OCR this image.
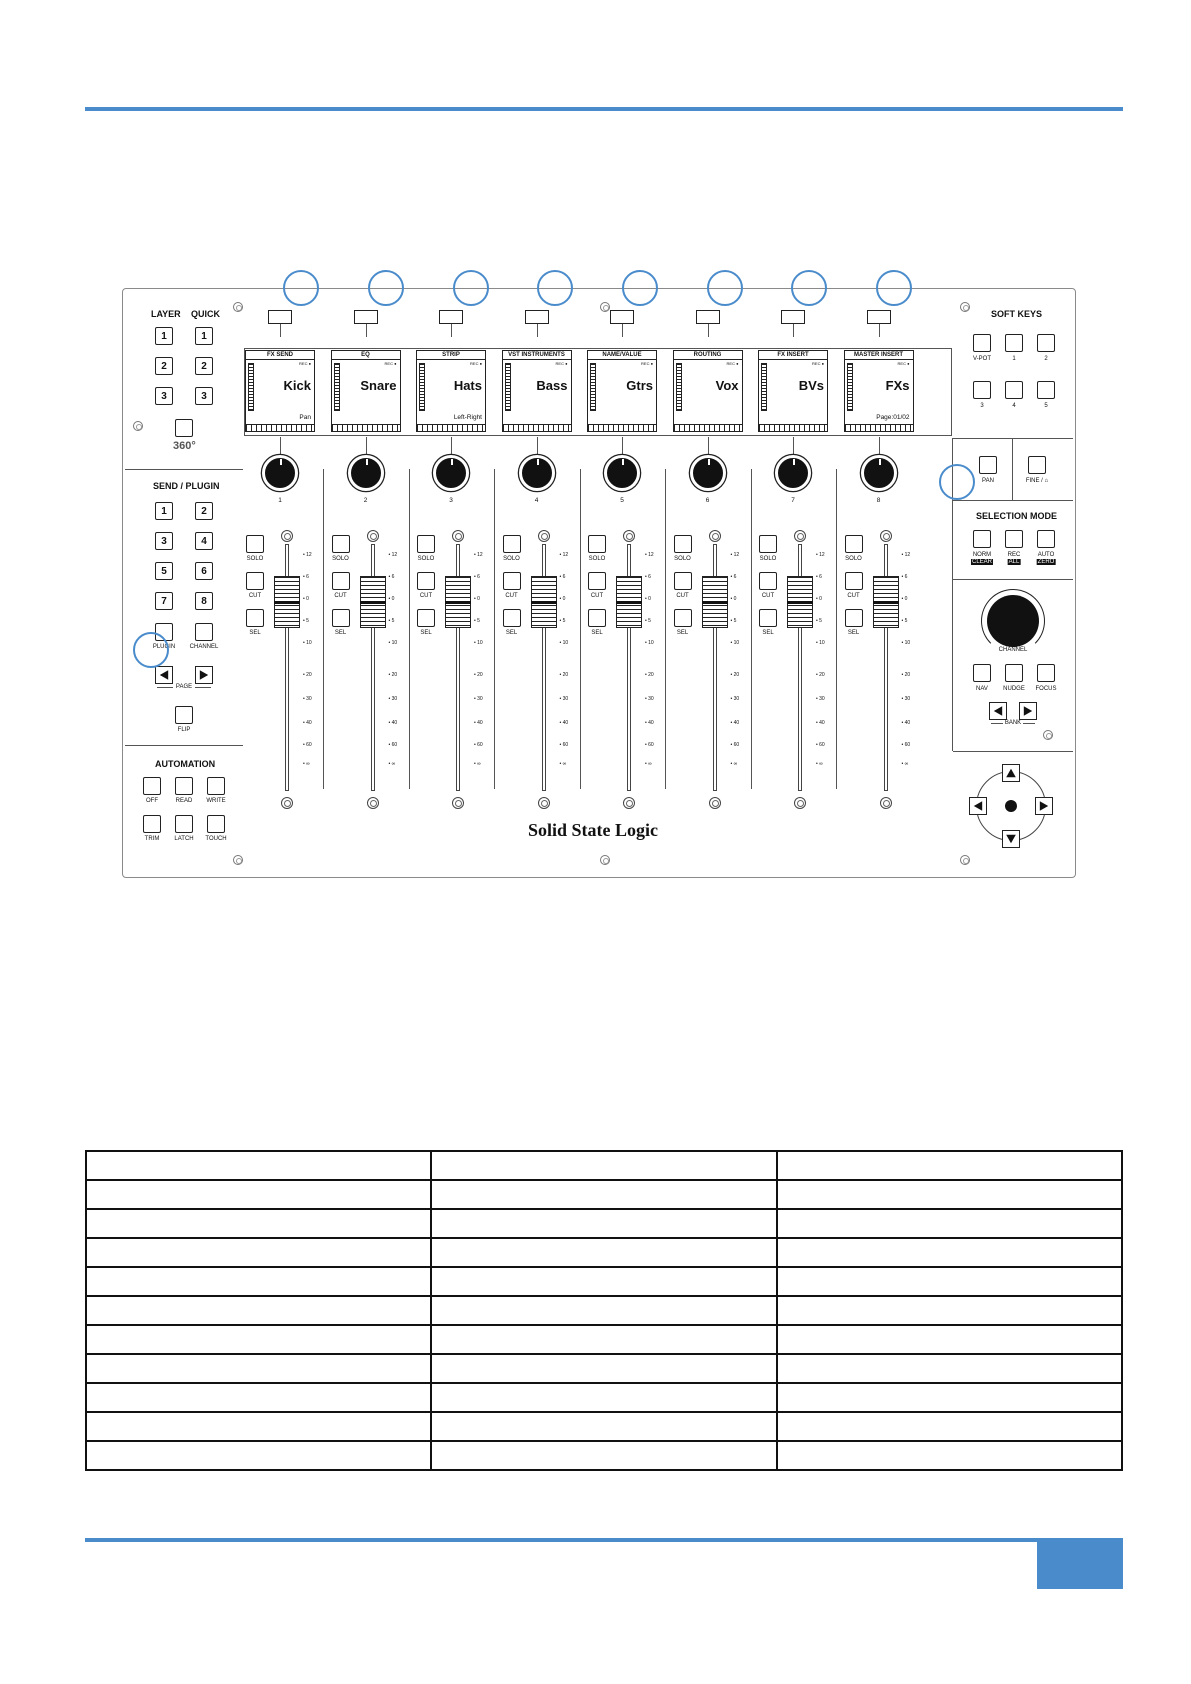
LAYER QUICK
1
2
3
1
2
3
360°
SEND / PLUGIN
1	2
3	4
5	6
7	8
PLUGIN CHANNEL
PAGE
FLIP
AUTOMATION
OFF	READ WRITE
TRIM	LATCH TOUCH
SOFT KEYS
V-POT	1	2
3	4	5
PAN	FINE / ⌂
SELECTION MODE
NORM	REC	AUTO
CLEAR	ALL	ZERO
CHANNEL
NAV	NUDGE FOCUS
BANK
FX SEND
REC ●
Kick
Pan
1
SOLO
CUT
SEL
• 12
• 6
• 0
• 5
• 10
• 20
• 30
• 40
• 60
• ∞
EQ
REC ●
Snare
2
SOLO
CUT
SEL
• 12
• 6
• 0
• 5
• 10
• 20
• 30
• 40
• 60
• ∞
STRIP
REC ●
Hats
Left-Right
3
SOLO
CUT
SEL
• 12
• 6
• 0
• 5
• 10
• 20
• 30
• 40
• 60
• ∞
VST INSTRUMENTS
REC ●
Bass
4
SOLO
CUT
SEL
• 12
• 6
• 0
• 5
• 10
• 20
• 30
• 40
• 60
• ∞
NAME/VALUE
REC ●
Gtrs
5
SOLO
CUT
SEL
• 12
• 6
• 0
• 5
• 10
• 20
• 30
• 40
• 60
• ∞
ROUTING
REC ●
Vox
6
SOLO
CUT
SEL
• 12
• 6
• 0
• 5
• 10
• 20
• 30
• 40
• 60
• ∞
FX INSERT
REC ●
BVs
7
SOLO
CUT
SEL
• 12
• 6
• 0
• 5
• 10
• 20
• 30
• 40
• 60
• ∞
MASTER INSERT
REC ●
FXs
Page:01/02
8
SOLO
CUT
SEL
• 12
• 6
• 0
• 5
• 10
• 20
• 30
• 40
• 60
• ∞
Solid State Logic
